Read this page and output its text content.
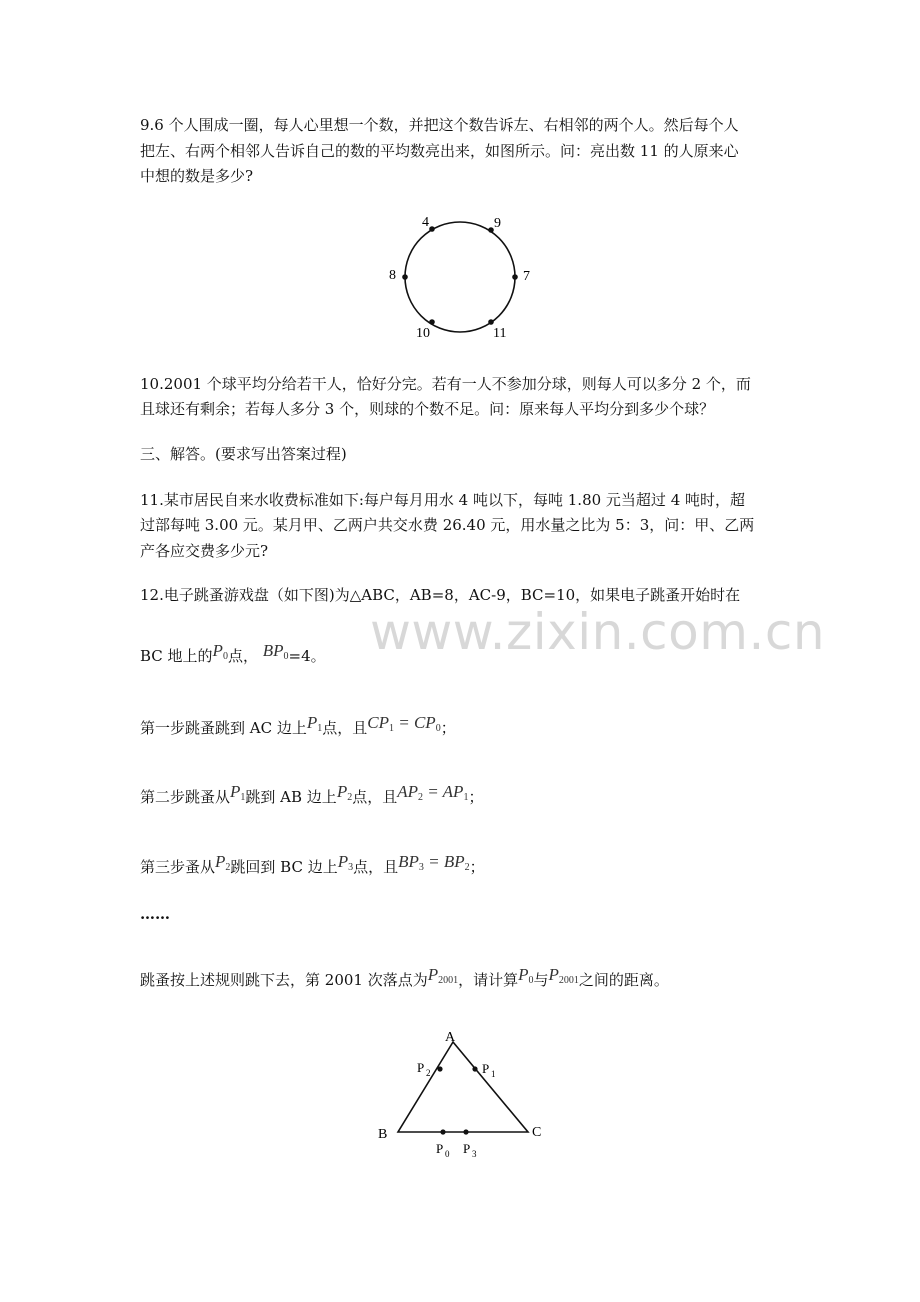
9.6 个人围成一圈，每人心里想一个数，并把这个数告诉左、右相邻的两个人。然后每个人
把左、右两个相邻人告诉自己的数的平均数亮出来，如图所示。问：亮出数 11 的人原来心
中想的数是多少?
4	9
8	7
10	11
10.2001 个球平均分给若干人，恰好分完。若有一人不参加分球，则每人可以多分 2 个，而
且球还有剩余；若每人多分 3 个，则球的个数不足。问：原来每人平均分到多少个球？
三、解答。(要求写出答案过程)
11.某市居民自来水收费标准如下:每户每月用水 4 吨以下，每吨 1.80 元当超过 4 吨时，超
过部每吨 3.00 元。某月甲、乙两户共交水费 26.40 元，用水量之比为 5：3，问：甲、乙两
产各应交费多少元?
www.zixin.com.cn
12.电子跳蚤游戏盘（如下图)为△ABC，AB=8，AC-9，BC=10，如果电子跳蚤开始时在
BC 地上的$P_0$点， $BP_0=4$。
第一步跳蚤跳到 AC 边上$P_1$点，且$CP_1 = CP_0$；
第二步跳蚤从$P_1$跳到 AB 边上$P_2$点，且$AP_2 = AP_1$；
第三步蚤从$P_2$跳回到 BC 边上$P_3$点，且$BP_3 = BP_2$；
……
跳蚤按上述规则跳下去，第 2001 次落点为$P_{2001}$，请计算$P_0$与$P_{2001}$之间的距离。
A
B	C
P 2	P 1
P 0 P 3
